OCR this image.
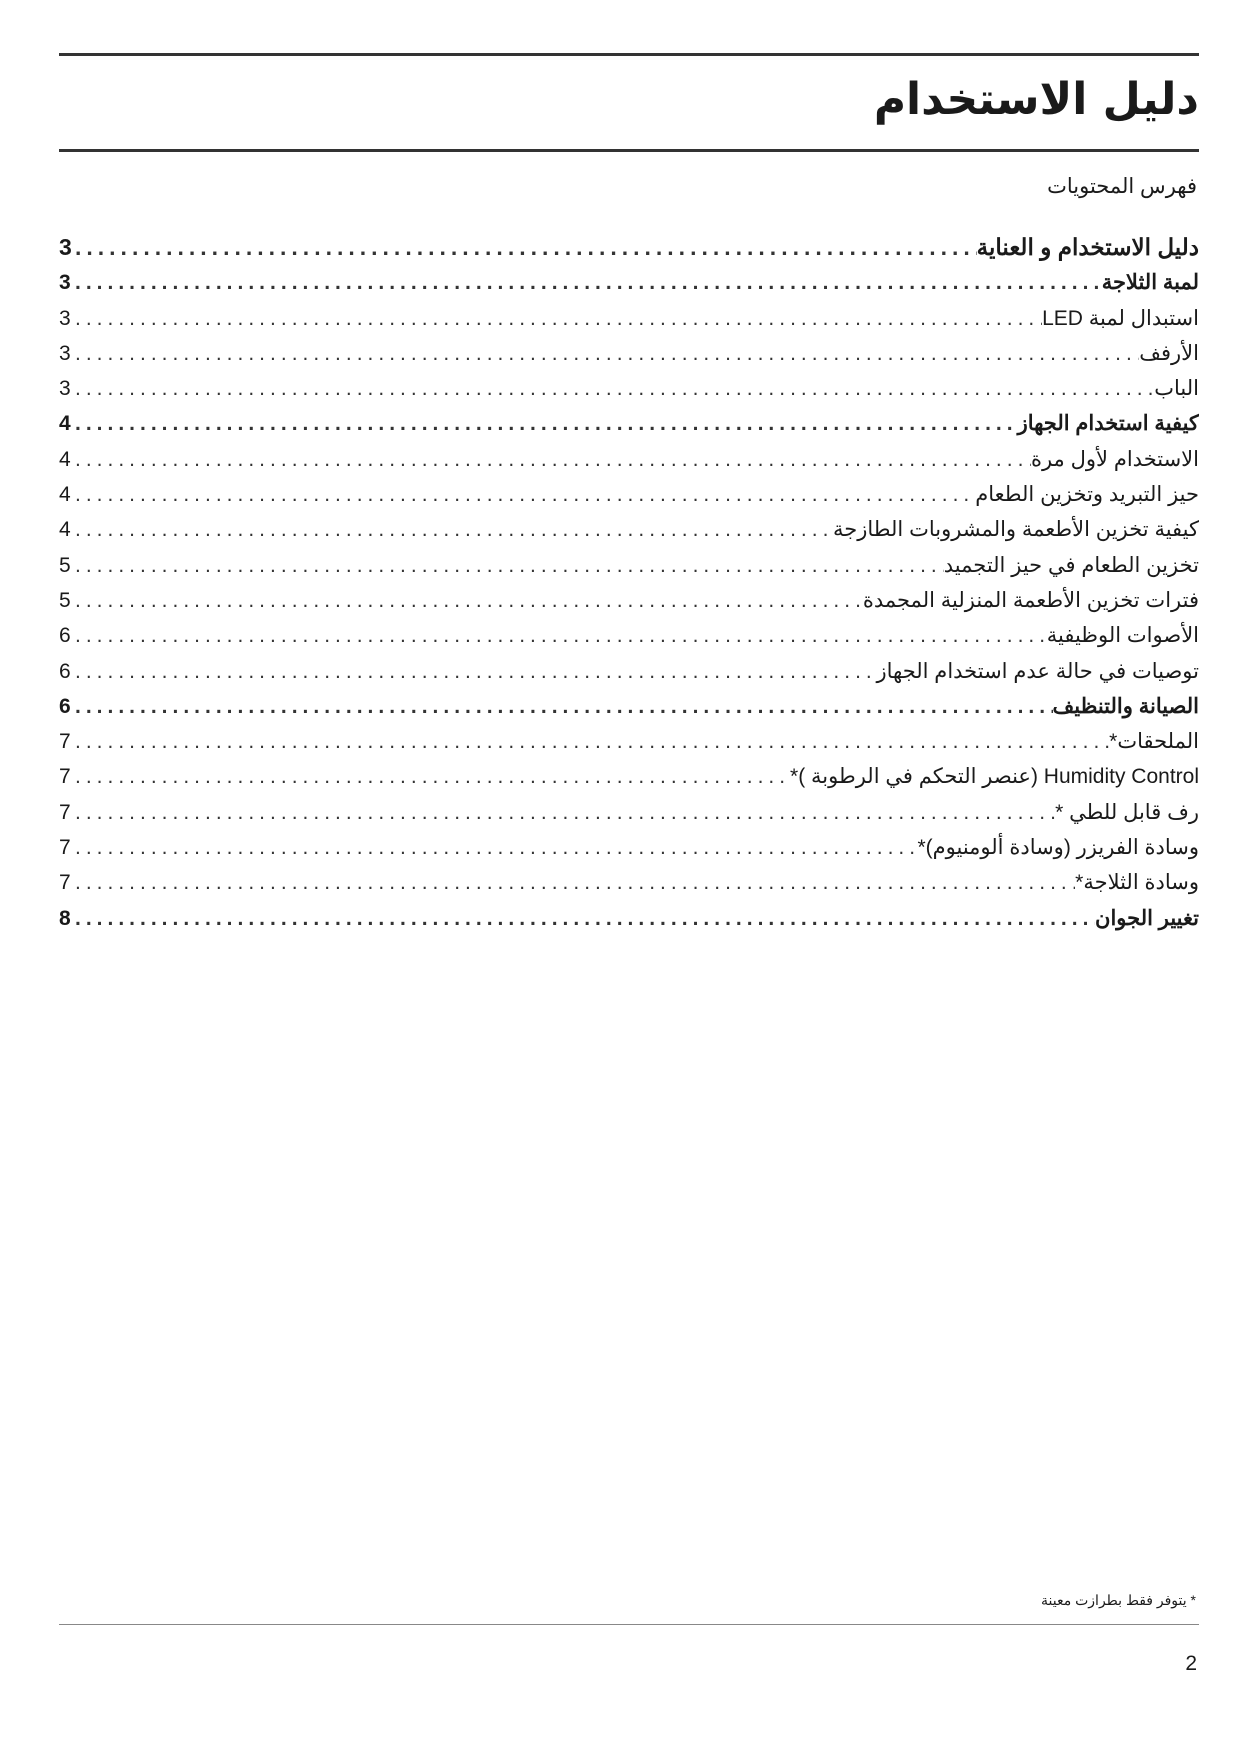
دليل الاستخدام
فهرس المحتويات
دليل الاستخدام و العناية
.....
3
لمبة الثلاجة
.....
3
استبدال لمبة LED
.....
3
الأرفف
.....
3
الباب
.....
3
كيفية استخدام الجهاز
.....
4
الاستخدام لأول مرة
.....
4
حيز التبريد وتخزين الطعام
.....
4
كيفية تخزين الأطعمة والمشروبات الطازجة
.....
4
تخزين الطعام في حيز التجميد
.....
5
فترات تخزين الأطعمة المنزلية المجمدة
.....
5
الأصوات الوظيفية
.....
6
توصيات في حالة عدم استخدام الجهاز
.....
6
الصيانة والتنظيف
.....
6
الملحقات*
.....
7
Humidity Control (عنصر التحكم في الرطوبة )*
.....
7
رف قابل للطي *
.....
7
وسادة الفريزر (وسادة ألومنيوم)*
.....
7
وسادة الثلاجة*
.....
7
تغيير الجوان
.....
8
* يتوفر فقط بطرازت معينة
2
